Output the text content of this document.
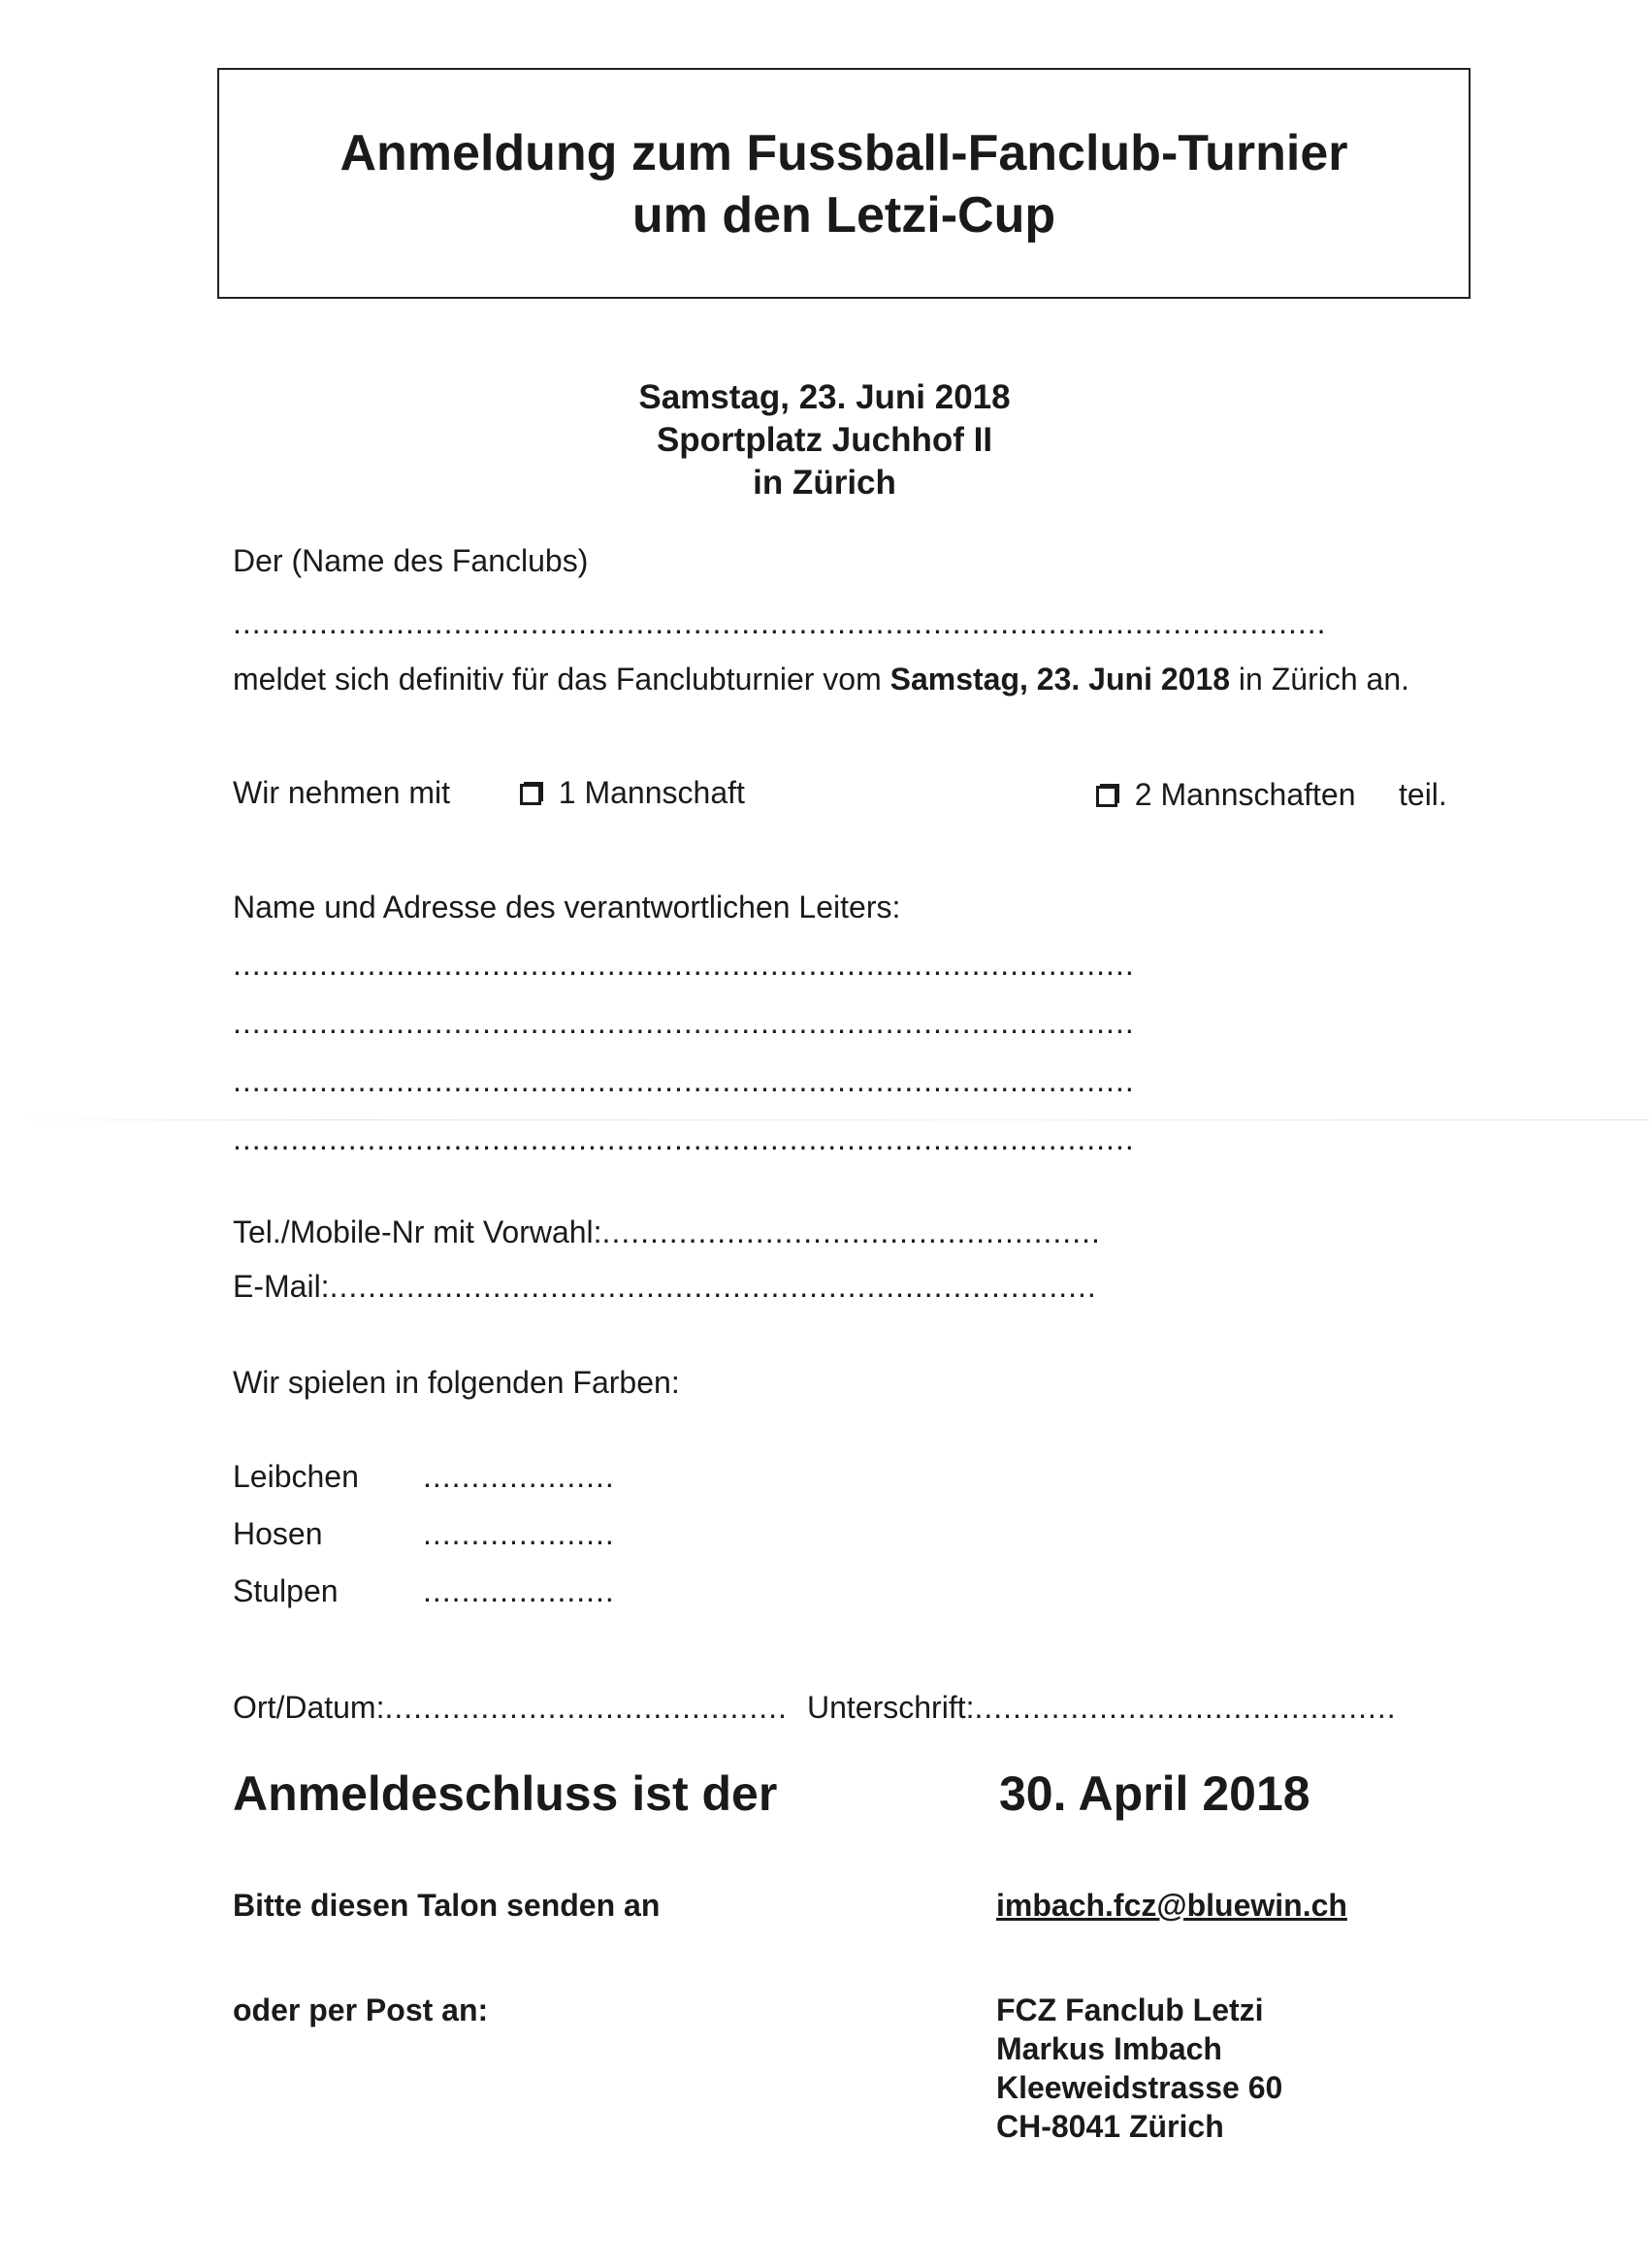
Anmeldung zum Fussball-Fanclub-Turnier
um den Letzi-Cup
Samstag, 23. Juni 2018
Sportplatz Juchhof II
in Zürich
Der (Name des Fanclubs)
..................................................................................................................
meldet sich definitiv für das Fanclubturnier vom Samstag, 23. Juni 2018 in Zürich an.
Wir nehmen mit	1 Mannschaft	2 Mannschaften teil.
Name und Adresse des verantwortlichen Leiters:
..............................................................................................
..............................................................................................
..............................................................................................
..............................................................................................
Tel./Mobile-Nr mit Vorwahl:....................................................
E-Mail:................................................................................
Wir spielen in folgenden Farben:
Leibchen ....................
Hosen	....................
Stulpen	....................
Ort/Datum:.......................................... Unterschrift:............................................
Anmeldeschluss ist der	30. April 2018
Bitte diesen Talon senden an	imbach.fcz@bluewin.ch
oder per Post an:	FCZ Fanclub Letzi
Markus Imbach
Kleeweidstrasse 60
CH-8041 Zürich
